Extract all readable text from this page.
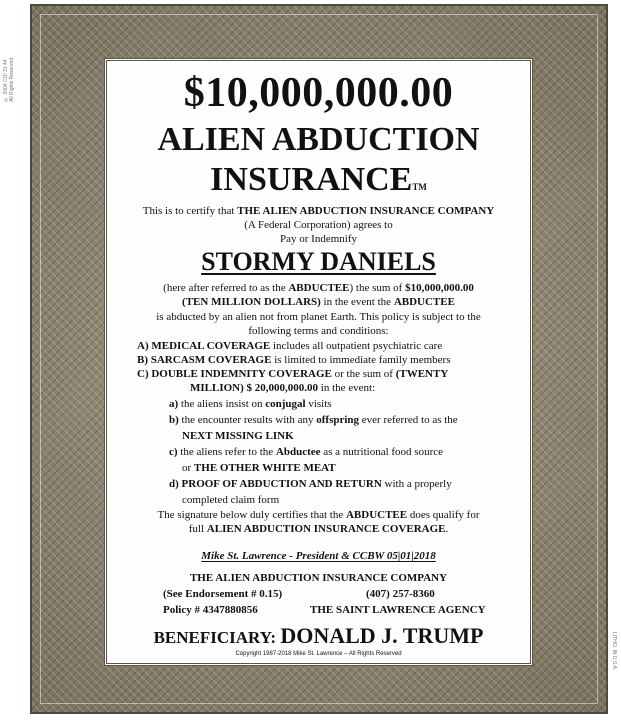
© 2004 CO/ 2J 44 All Rights Reserved
LITHO. IN U.S.A.
$10,000,000.00
ALIEN ABDUCTION
INSURANCETM
This is to certify that THE ALIEN ABDUCTION INSURANCE COMPANY
(A Federal Corporation) agrees to
Pay or Indemnify
STORMY DANIELS
(here after referred to as the ABDUCTEE) the sum of $10,000,000.00
(TEN MILLION DOLLARS) in the event the ABDUCTEE
is abducted by an alien not from planet Earth. This policy is subject to the
following terms and conditions:
A) MEDICAL COVERAGE includes all outpatient psychiatric care
B) SARCASM COVERAGE is limited to immediate family members
C) DOUBLE INDEMNITY COVERAGE or the sum of (TWENTY
MILLION) $ 20,000,000.00 in the event:
a) the aliens insist on conjugal visits
b) the encounter results with any offspring ever referred to as the
NEXT MISSING LINK
c) the aliens refer to the Abductee as a nutritional food source
or THE OTHER WHITE MEAT
d) PROOF OF ABDUCTION AND RETURN with a properly
completed claim form
The signature below duly certifies that the ABDUCTEE does qualify for
full ALIEN ABDUCTION INSURANCE COVERAGE.
Mike St. Lawrence - President & CCBW 05|01|2018
THE ALIEN ABDUCTION INSURANCE COMPANY
(See Endorsement # 0.15)	(407) 257-8360
Policy # 4347880856	THE SAINT LAWRENCE AGENCY
BENEFICIARY: DONALD J. TRUMP
Copyright 1987-2018 Mike St. Lawrence – All Rights Reserved
